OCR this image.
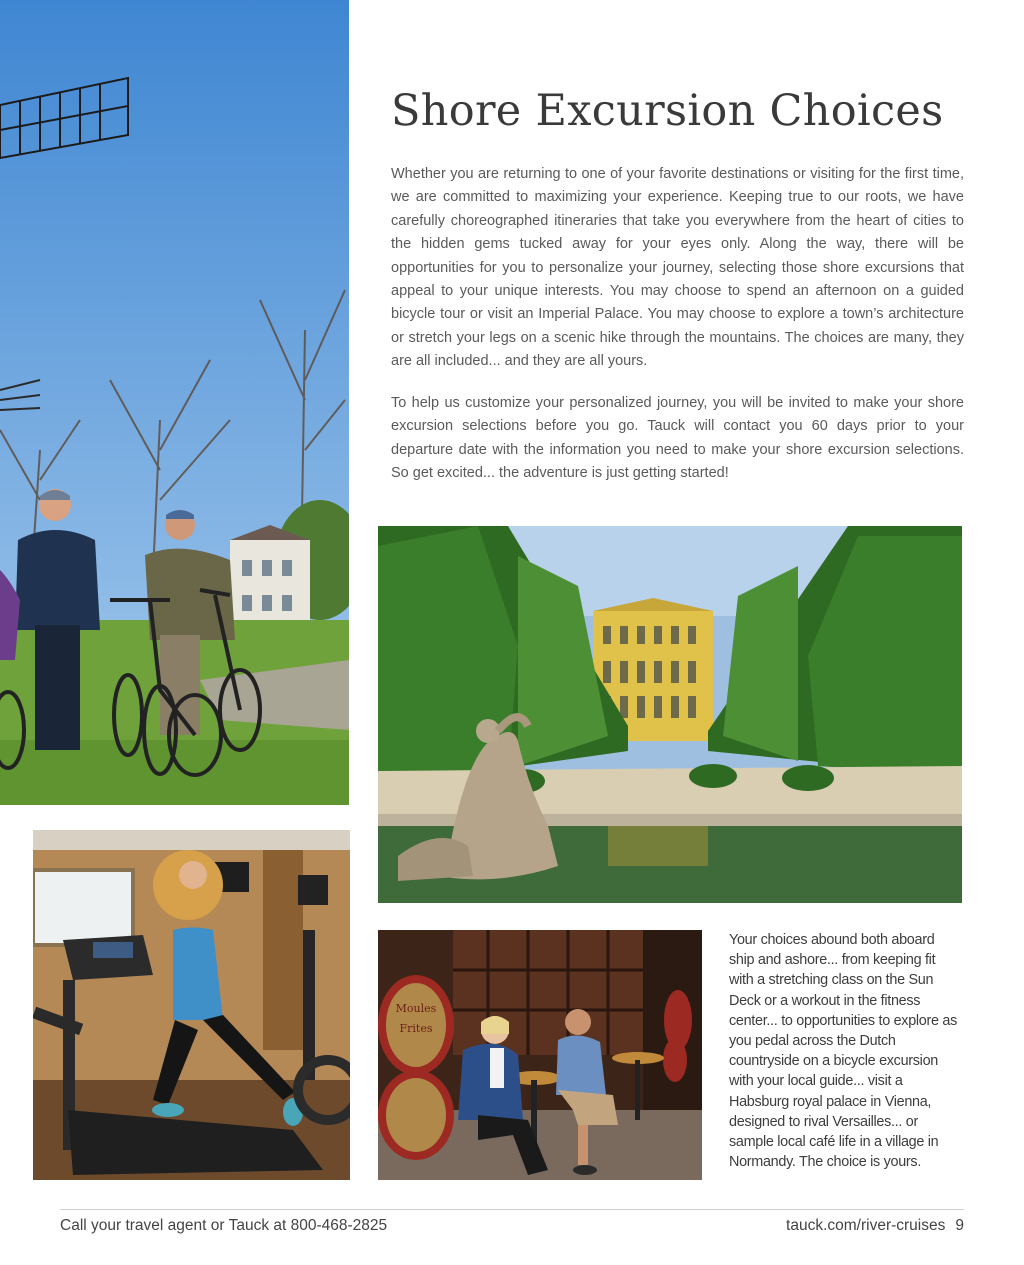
Moules
Frites
Shore Excursion Choices

Whether you are returning to one of your favorite destinations or visiting for the first time, we are committed to maximizing your experience. Keeping true to our roots, we have carefully choreographed itineraries that take you everywhere from the heart of cities to the hidden gems tucked away for your eyes only. Along the way, there will be opportunities for you to personalize your journey, selecting those shore excursions that appeal to your unique interests. You may choose to spend an afternoon on a guided bicycle tour or visit an Imperial Palace. You may choose to explore a town’s architecture or stretch your legs on a scenic hike through the mountains. The choices are many, they are all included... and they are all yours.

To help us customize your personalized journey, you will be invited to make your shore excursion selections before you go. Tauck will contact you 60 days prior to your departure date with the information you need to make your shore excursion selections. So get excited... the adventure is just getting started!

Your choices abound both aboard ship and ashore... from keeping fit with a stretching class on the Sun Deck or a workout in the fitness center... to opportunities to explore as you pedal across the Dutch countryside on a bicycle excursion with your local guide... visit a Habsburg royal palace in Vienna, designed to rival Versailles... or sample local café life in a village in Normandy. The choice is yours.

Call your travel agent or Tauck at 800-468-2825	tauck.com/river-cruises 9
